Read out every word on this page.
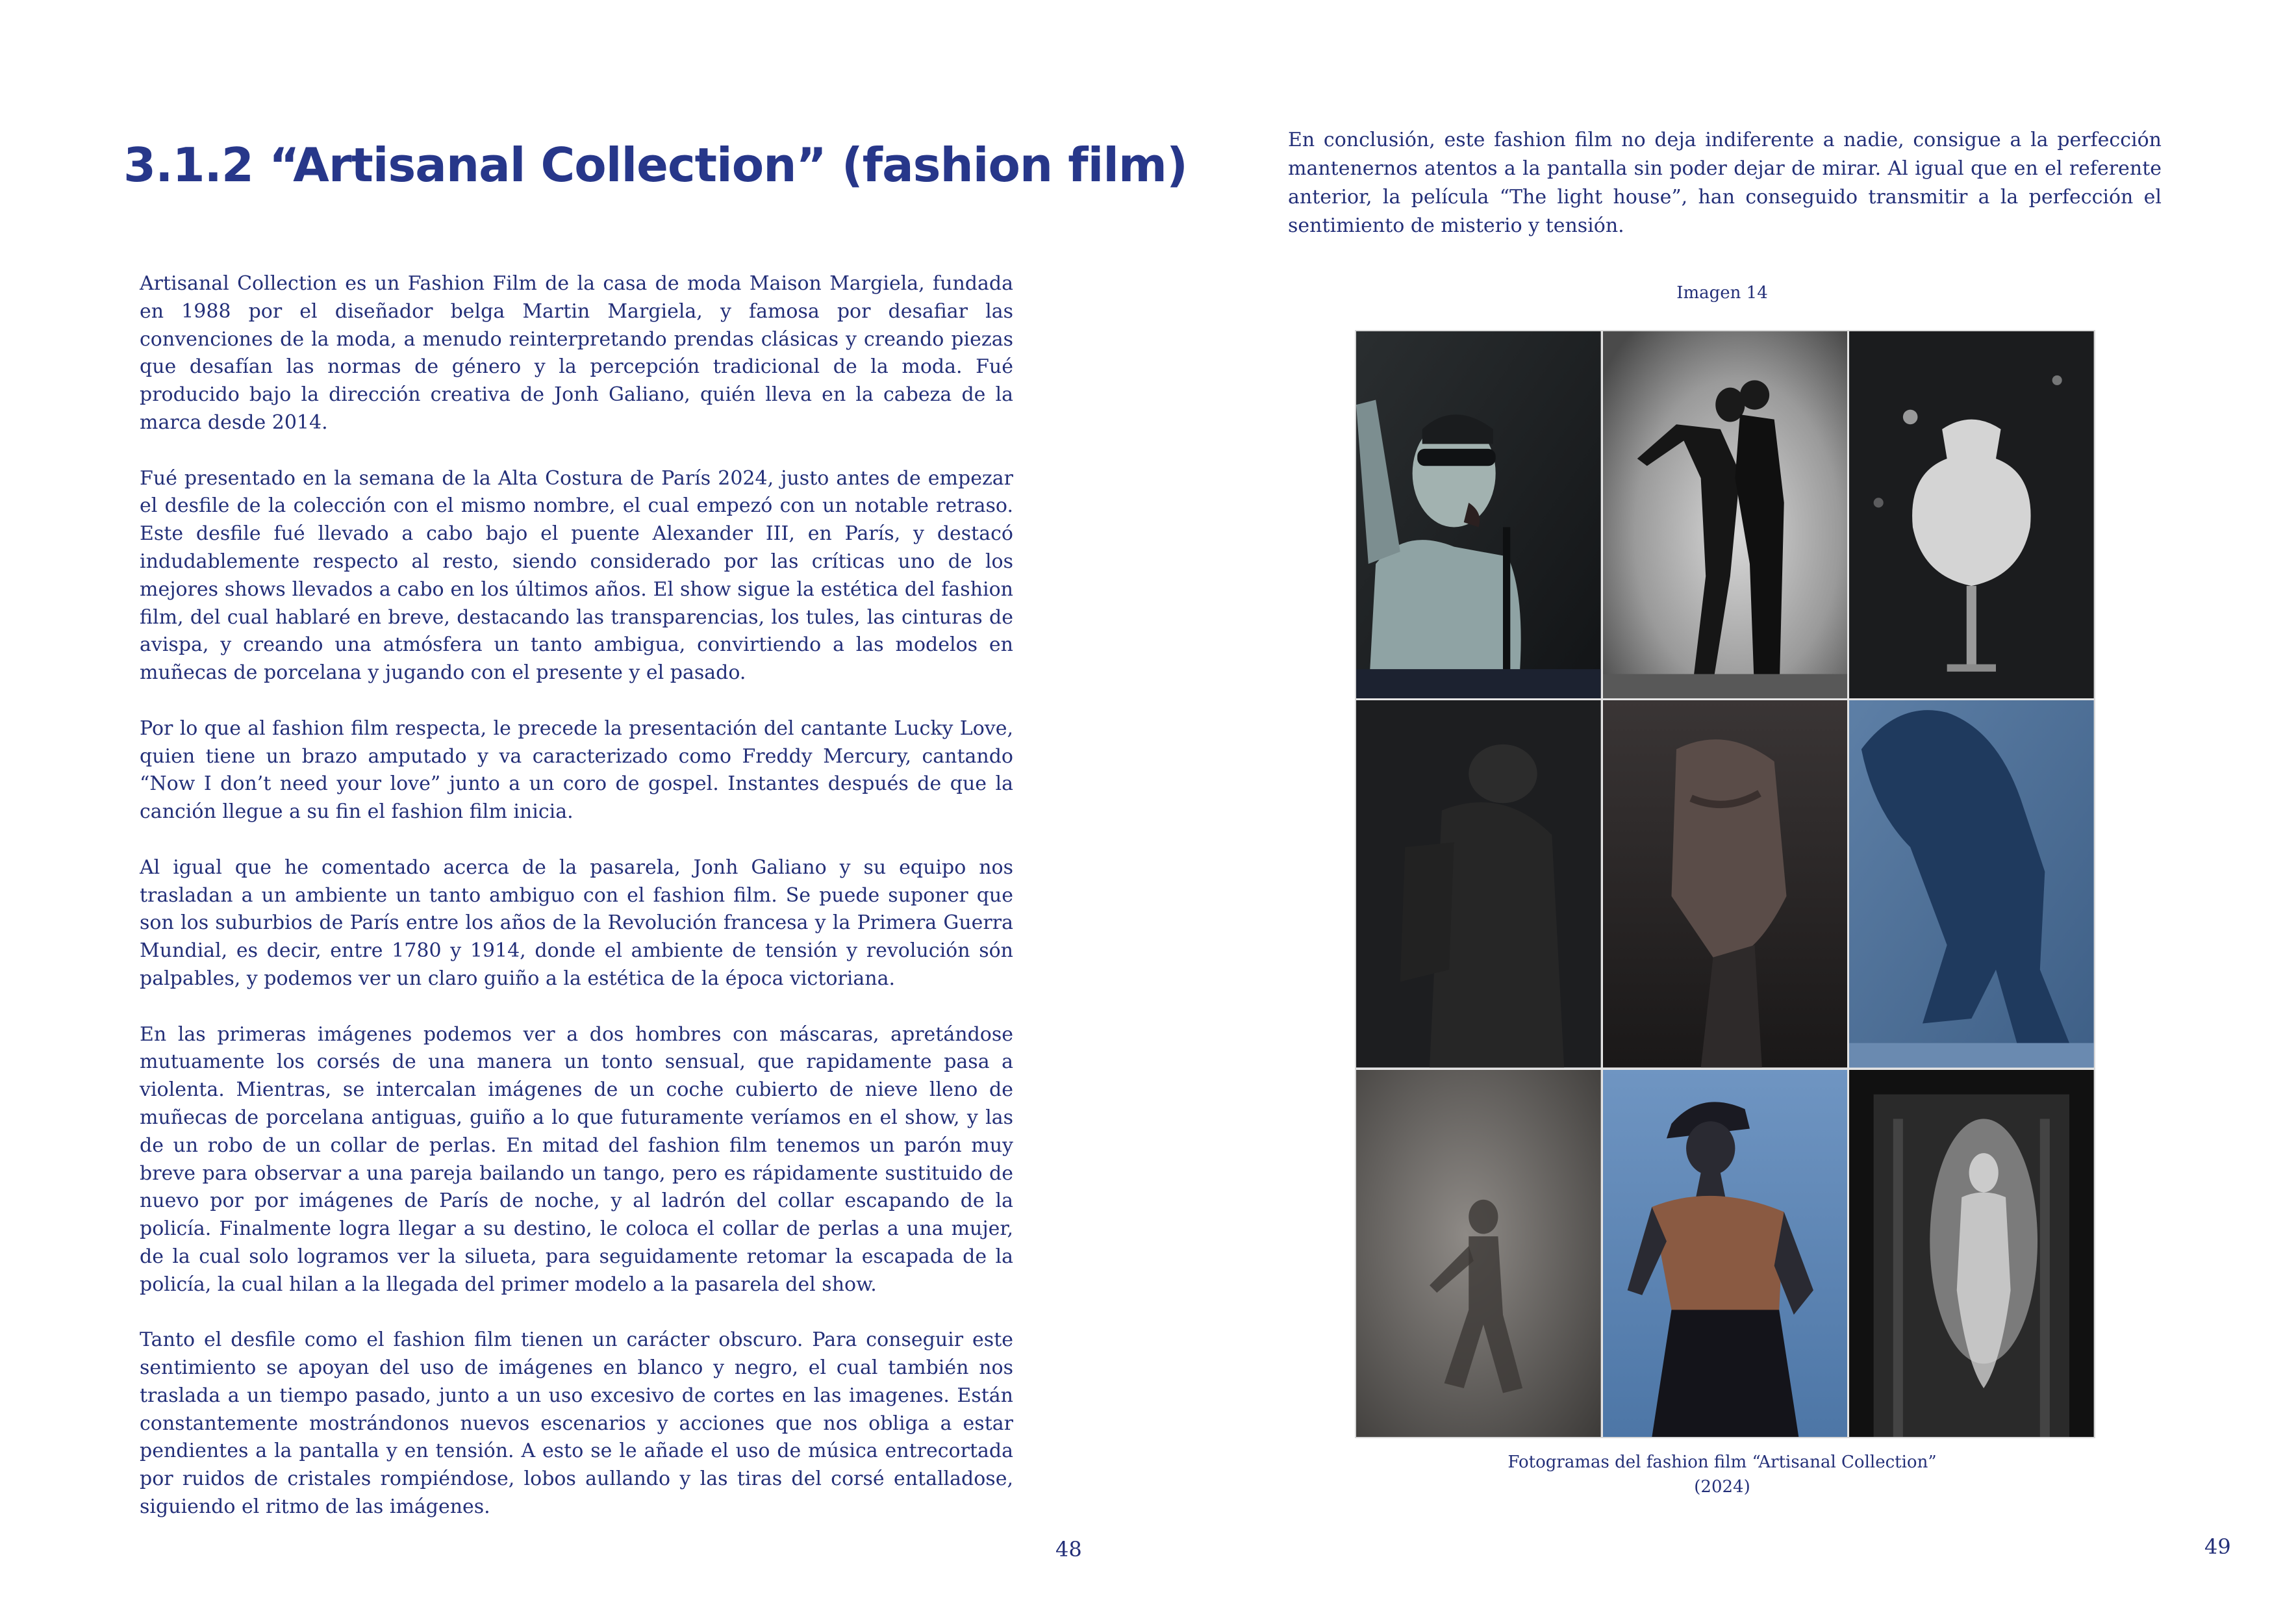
3.1.2 “Artisanal Collection” (fashion film)

Artisanal Collection es un Fashion Film de la casa de moda Maison Margiela, fundada en 1988 por el diseñador belga Martin Margiela, y famosa por desafiar las convenciones de la moda, a menudo reinterpretando prendas clásicas y creando piezas que desafían las normas de género y la percepción tradicional de la moda. Fué producido bajo la dirección creativa de Jonh Galiano, quién lleva en la cabeza de la marca desde 2014.

Fué presentado en la semana de la Alta Costura de París 2024, justo antes de empezar el desfile de la colección con el mismo nombre, el cual empezó con un notable retraso. Este desfile fué llevado a cabo bajo el puente Alexander III, en París, y destacó indudablemente respecto al resto, siendo considerado por las críticas uno de los mejores shows llevados a cabo en los últimos años. El show sigue la estética del fashion film, del cual hablaré en breve, destacando las transparencias, los tules, las cinturas de avispa, y creando una atmósfera un tanto ambigua, convirtiendo a las modelos en muñecas de porcelana y jugando con el presente y el pasado.

Por lo que al fashion film respecta, le precede la presentación del cantante Lucky Love, quien tiene un brazo amputado y va caracterizado como Freddy Mercury, cantando “Now I don’t need your love” junto a un coro de gospel. Instantes después de que la canción llegue a su fin el fashion film inicia.

Al igual que he comentado acerca de la pasarela, Jonh Galiano y su equipo nos trasladan a un ambiente un tanto ambiguo con el fashion film. Se puede suponer que son los suburbios de París entre los años de la Revolución francesa y la Primera Guerra Mundial, es decir, entre 1780 y 1914, donde el ambiente de tensión y revolución són palpables, y podemos ver un claro guiño a la estética de la época victoriana.

En las primeras imágenes podemos ver a dos hombres con máscaras, apretándose mutuamente los corsés de una manera un tonto sensual, que rapidamente pasa a violenta. Mientras, se intercalan imágenes de un coche cubierto de nieve lleno de muñecas de porcelana antiguas, guiño a lo que futuramente veríamos en el show, y las de un robo de un collar de perlas. En mitad del fashion film tenemos un parón muy breve para observar a una pareja bailando un tango, pero es rápidamente sustituido de nuevo por por imágenes de París de noche, y al ladrón del collar escapando de la policía. Finalmente logra llegar a su destino, le coloca el collar de perlas a una mujer, de la cual solo logramos ver la silueta, para seguidamente retomar la escapada de la policía, la cual hilan a la llegada del primer modelo a la pasarela del show.

Tanto el desfile como el fashion film tienen un carácter obscuro. Para conseguir este sentimiento se apoyan del uso de imágenes en blanco y negro, el cual también nos traslada a un tiempo pasado, junto a un uso excesivo de cortes en las imagenes. Están constantemente mostrándonos nuevos escenarios y acciones que nos obliga a estar pendientes a la pantalla y en tensión. A esto se le añade el uso de música entrecortada por ruidos de cristales rompiéndose, lobos aullando y las tiras del corsé entalladose, siguiendo el ritmo de las imágenes.

48

En conclusión, este fashion film no deja indiferente a nadie, consigue a la perfección mantenernos atentos a la pantalla sin poder dejar de mirar. Al igual que en el referente anterior, la película “The light house”, han conseguido transmitir a la perfección el sentimiento de misterio y tensión.

Imagen 14
Fotogramas del fashion film “Artisanal Collection”
(2024)
49
